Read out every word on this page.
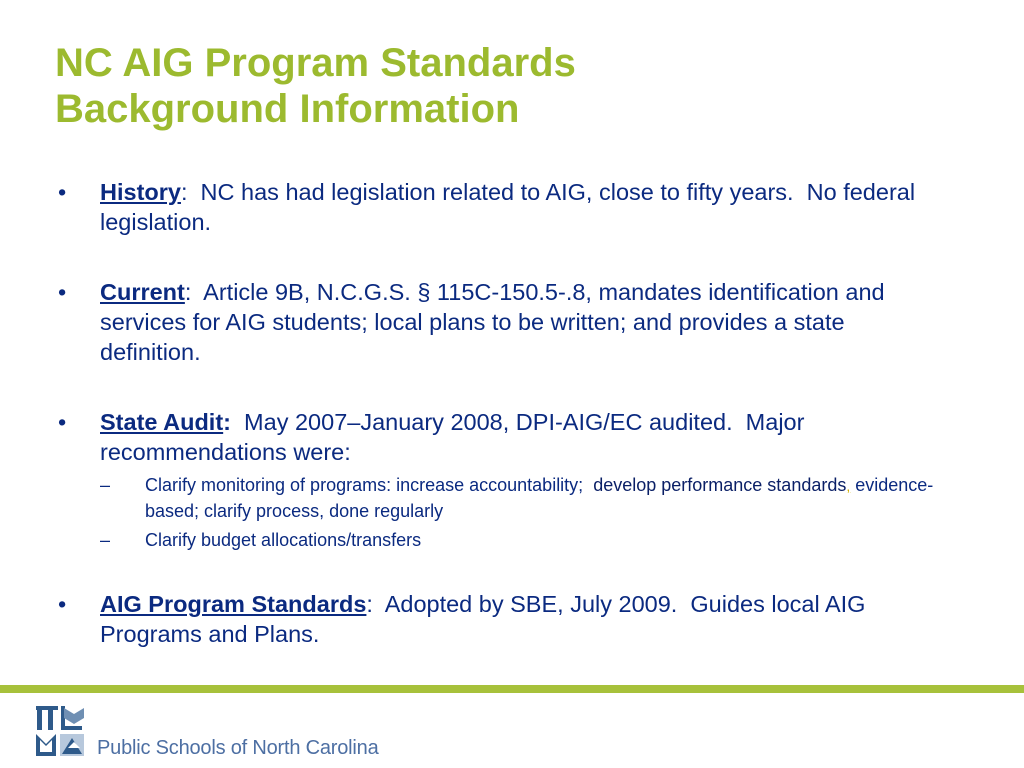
NC AIG Program Standards
Background Information
•	History:  NC has had legislation related to AIG, close to fifty years.  No federal legislation.
•	Current:  Article 9B, N.C.G.S. § 115C-150.5-.8, mandates identification and services for AIG students; local plans to be written; and provides a state definition.
•	State Audit:  May 2007–January 2008, DPI-AIG/EC audited.  Major recommendations were:
– Clarify monitoring of programs: increase accountability;  develop performance standards, evidence-based; clarify process, done regularly
– Clarify budget allocations/transfers
•	AIG Program Standards:  Adopted by SBE, July 2009.  Guides local AIG Programs and Plans.
Public Schools of North Carolina
